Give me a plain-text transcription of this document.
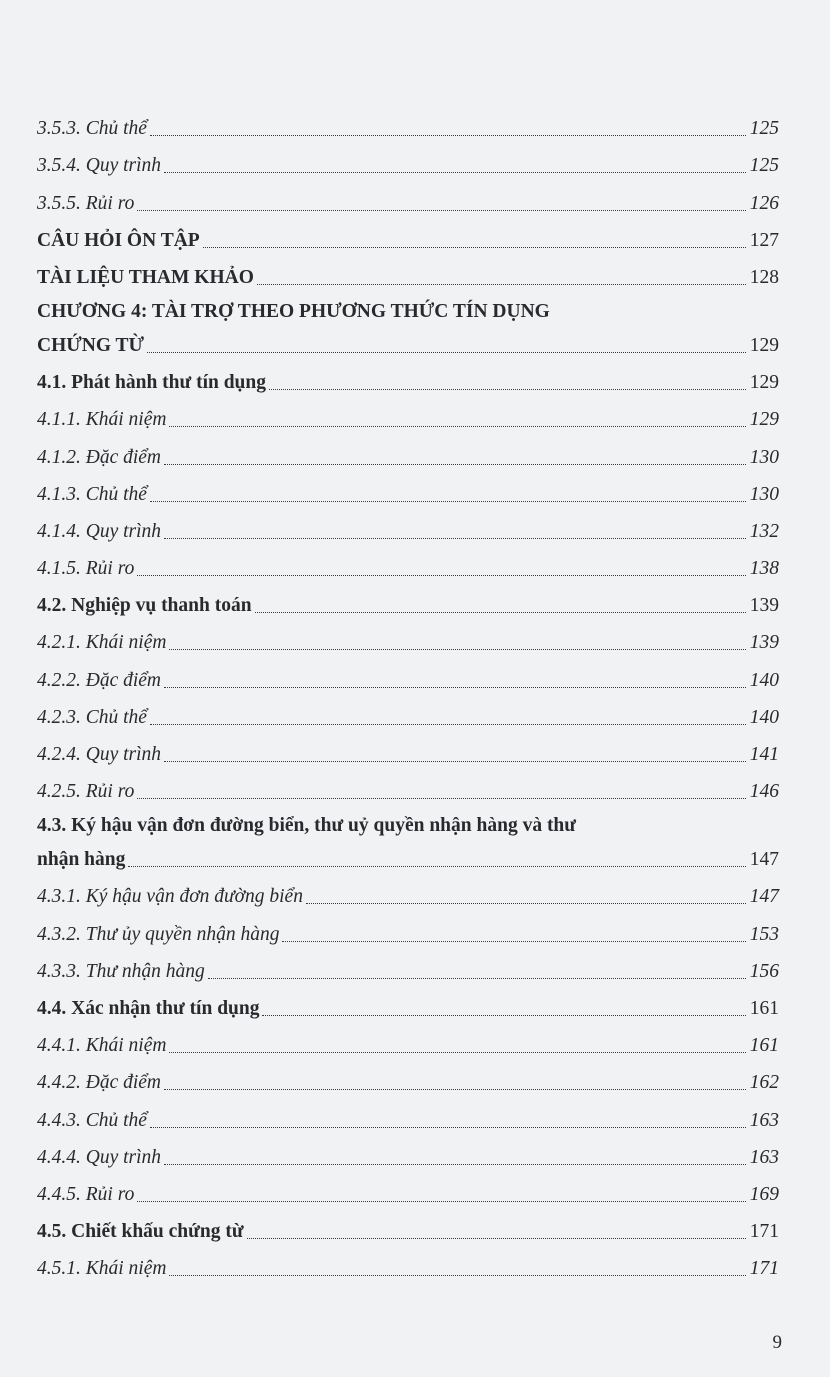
3.5.3. Chủ thể	125
3.5.4. Quy trình	125
3.5.5. Rủi ro	126
CÂU HỎI ÔN TẬP	127
TÀI LIỆU THAM KHẢO	128
CHƯƠNG 4: TÀI TRỢ THEO PHƯƠNG THỨC TÍN DỤNG
CHỨNG TỪ	129
4.1. Phát hành thư tín dụng	129
4.1.1. Khái niệm	129
4.1.2. Đặc điểm	130
4.1.3. Chủ thể	130
4.1.4. Quy trình	132
4.1.5. Rủi ro	138
4.2. Nghiệp vụ thanh toán	139
4.2.1. Khái niệm	139
4.2.2. Đặc điểm	140
4.2.3. Chủ thể	140
4.2.4. Quy trình	141
4.2.5. Rủi ro	146
4.3. Ký hậu vận đơn đường biển, thư uỷ quyền nhận hàng và thư
nhận hàng	147
4.3.1. Ký hậu vận đơn đường biển	147
4.3.2. Thư ủy quyền nhận hàng	153
4.3.3. Thư nhận hàng	156
4.4. Xác nhận thư tín dụng	161
4.4.1. Khái niệm	161
4.4.2. Đặc điểm	162
4.4.3. Chủ thể	163
4.4.4. Quy trình	163
4.4.5. Rủi ro	169
4.5. Chiết khấu chứng từ	171
4.5.1. Khái niệm	171
9
